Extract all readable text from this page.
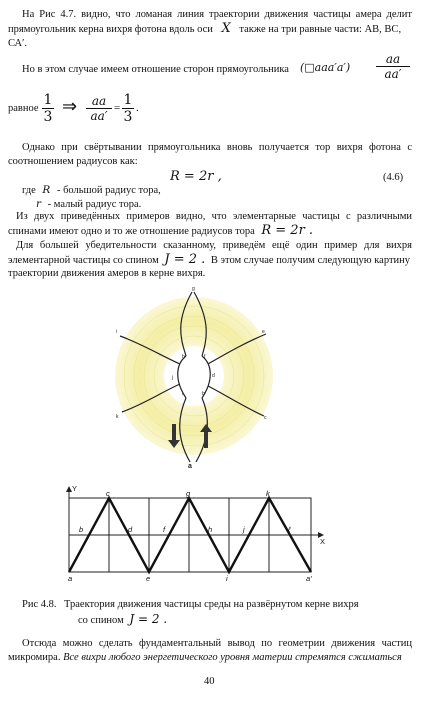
На Рис 4.7. видно, что ломаная линия траектории движения частицы амера делит
прямоугольник керна вихря фотона вдоль оси X также на три равные части: АВ, ВС,
СА′.
Но в этом случае имеем отношение сторон прямоугольника (□aaa′a′)
aa
aa′
равное
1
3 ⇒	aa
aa′
= 1
3
.
Однако при свёртывании прямоугольника вновь получается тор вихря фотона с
соотношением радиусов как:
R = 2r ,	(4.6)
где R - большой радиус тора,
r - малый радиус тора.
Из двух приведённых примеров видно, что элементарные частицы с различными
спинами имеют одно и то же отношение радиусов тора R = 2r .
Для большей убедительности сказанному, приведём ещё один пример для вихря
элементарной частицы со спином J = 2 . В этом случае получим следующую картину
траектории движения амеров в керне вихря.
g
e
i
h	f
j	d
l	b
k	c
a
Y
X
c	g	k
b	d	f	h	j	ℓ
a	e	i	a′
Рис 4.8. Траектория движения частицы среды на развёрнутом керне вихря
со спином J = 2 .
Отсюда можно сделать фундаментальный вывод по геометрии движения частиц
микромира. Все вихри любого энергетического уровня материи стремятся сжиматься
40
